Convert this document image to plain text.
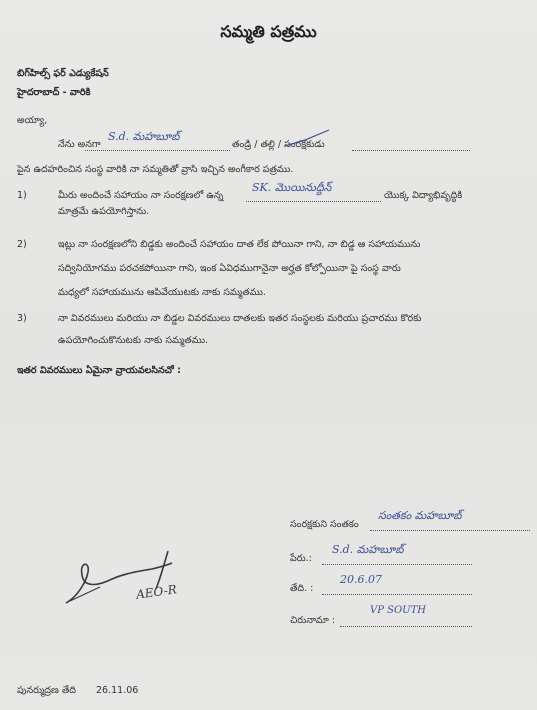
సమ్మతి పత్రము
బిగ్‌హిల్స్ ఫర్ ఎడ్యుకేషన్
హైదరాబాద్ - వారికి
అయ్యా,
నేను అనగా
S.d. మహబూబ్
తండ్రి / తల్లి / సంరక్షకుడు
పైన ఉదహరించిన సంస్థ వారికి నా సమ్మతితో వ్రాసి ఇచ్చిన అంగీకార పత్రము.
1)	మీరు అందించే సహాయం నా సంరక్షణలో ఉన్న
SK. మొయినుద్దీన్
యొక్క విద్యాభివృద్ధికి
మాత్రమే ఉపయోగిస్తాను.
2)	ఇట్లు నా సంరక్షణలోని బిడ్డకు అందించే సహాయం దాత లేక పోయినా గాని, నా బిడ్డ ఆ సహాయమును
సద్వినియోగము పరచకపోయినా గాని, ఇంక ఏవిధముగానైనా అర్హత కోల్పోయినా పై సంస్థ వారు
మధ్యలో సహాయమును ఆపివేయుటకు నాకు సమ్మతము.
3)	నా వివరములు మరియు నా బిడ్డల వివరములు దాతలకు ఇతర సంస్థలకు మరియు ప్రచారము కొరకు
ఉపయోగించుకొనుటకు నాకు సమ్మతము.
ఇతర వివరములు ఏమైనా వ్రాయవలసినచో :
సంరక్షకుని సంతకం
సంతకం మహబూబ్
పేరు.:
S.d. మహబూబ్
తేది. :
20.6.07
చిరునామా :
VP SOUTH
AEO-R
పునర్ముద్రణ తేది 26.11.06
